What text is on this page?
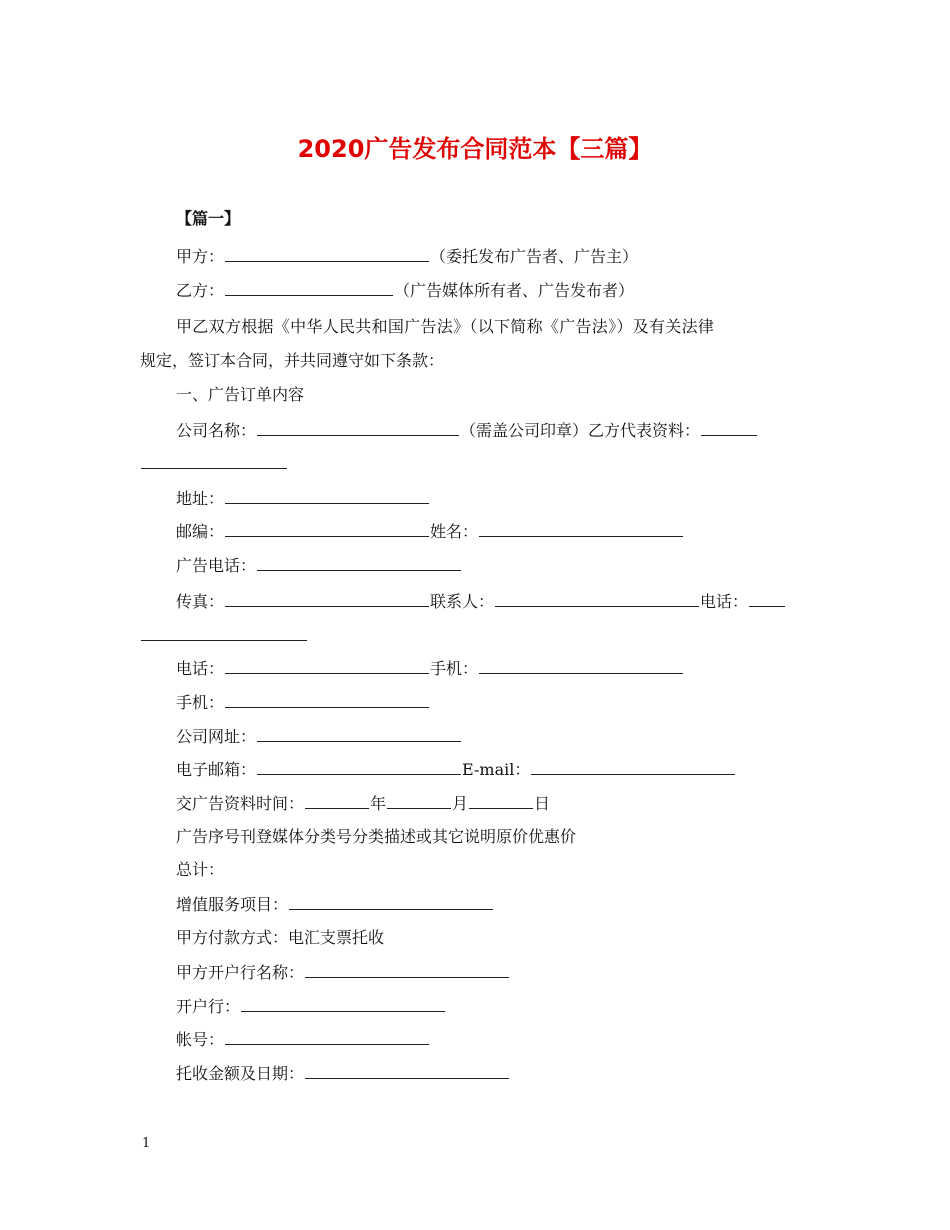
2020广告发布合同范本【三篇】
【篇一】
甲方：	（委托发布广告者、广告主）
乙方：	（广告媒体所有者、广告发布者）
甲乙双方根据《中华人民共和国广告法》（以下简称《广告法》）及有关法律
规定，签订本合同，并共同遵守如下条款：
一、广告订单内容
公司名称：	（需盖公司印章）乙方代表资料：
地址：
邮编：	姓名：
广告电话：
传真：	联系人：	电话：
电话：	手机：
手机：
公司网址：
电子邮箱：	E-mail：
交广告资料时间：	年	月	日
广告序号刊登媒体分类号分类描述或其它说明原价优惠价
总计：
增值服务项目：
甲方付款方式：电汇支票托收
甲方开户行名称：
开户行：
帐号：
托收金额及日期：
1
